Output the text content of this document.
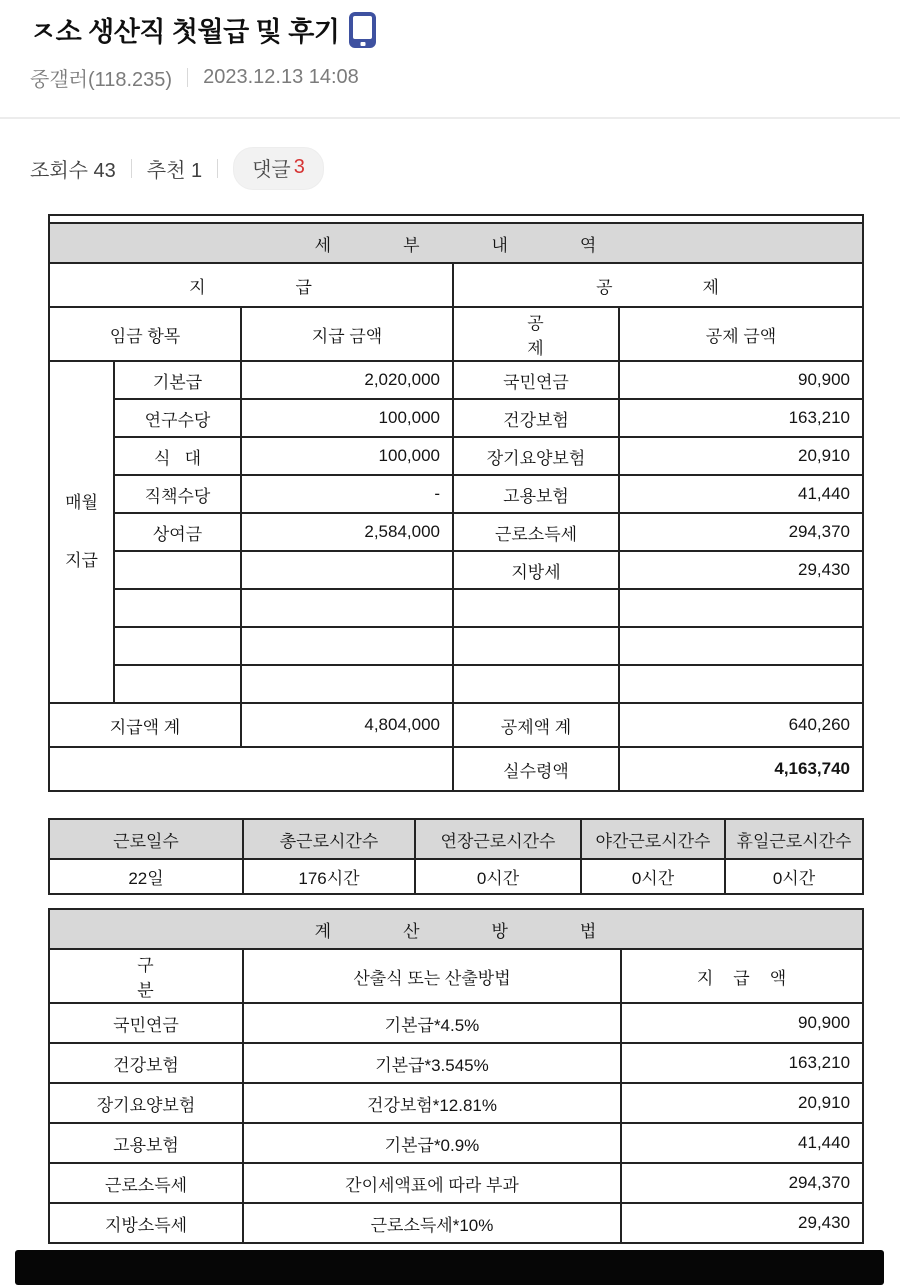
ㅈ소 생산직 첫월급 및 후기
중갤러(118.235) 2023.12.13 14:08
조회수 43 추천 1	댓글 3

세부내역				
지급			공제	
임금 항목		지급 금액	공제	공제 금액

매월
지급	기본급	2,020,000	국민연금	90,900
	연구수당	100,000	건강보험	163,210
	식   대	100,000	장기요양보험	20,910
	직책수당	-	고용보험	41,440
	상여금	2,584,000	근로소득세	294,370
			지방세	29,430

지급액 계		4,804,000	공제액 계	640,260
			실수령액	4,163,740
근로일수	총근로시간수	연장근로시간수	야간근로시간수	휴일근로시간수
22일	176시간	0시간	0시간	0시간
계산방법		
구분	산출식 또는 산출방법	지급액
국민연금	기본급*4.5%	90,900
건강보험	기본급*3.545%	163,210
장기요양보험	건강보험*12.81%	20,910
고용보험	기본급*0.9%	41,440
근로소득세	간이세액표에 따라 부과	294,370
지방소득세	근로소득세*10%	29,430
